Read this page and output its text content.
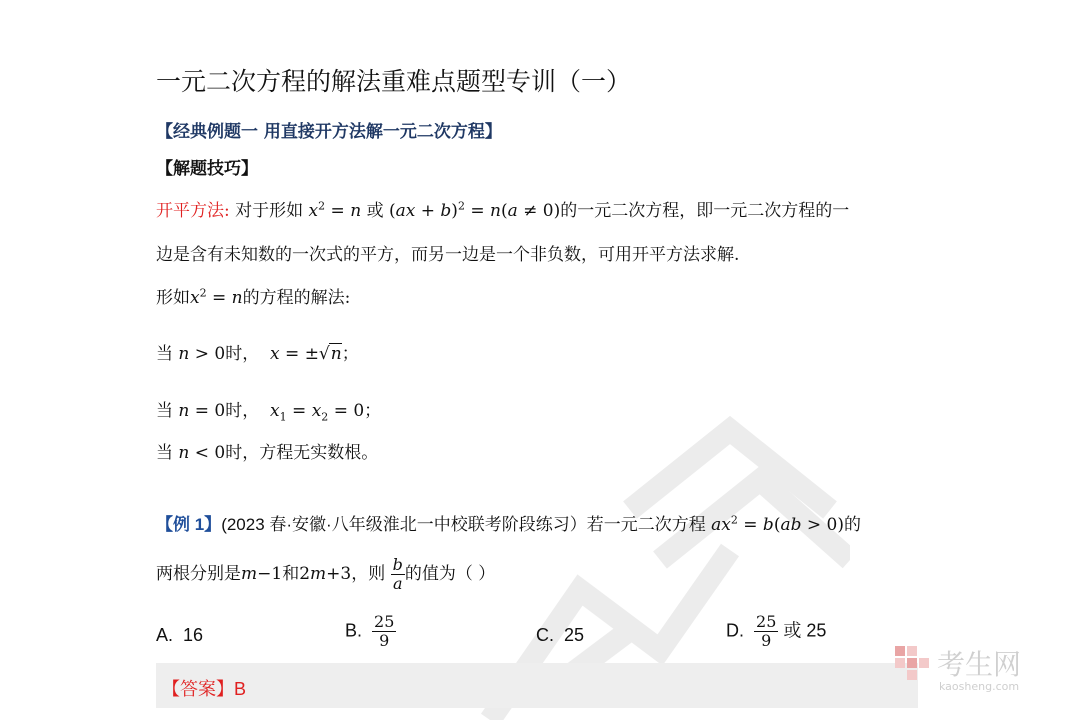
一元二次方程的解法重难点题型专训（一）
【经典例题一 用直接开方法解一元二次方程】
【解题技巧】
开平方法: 对于形如 $x^2 = n$ 或 (ax + b)$^2$ = n(a ≠ 0)的一元二次方程，即一元二次方程的一
边是含有未知数的一次式的平方，而另一边是一个非负数，可用开平方法求解.
形如$x^2 = n$的方程的解法:
当 n > 0时， x = ±√n；
当 n = 0时， $x_1 = x_2 = 0$；
当 n < 0时，方程无实数根。
【例 1】(2023 春·安徽·八年级淮北一中校联考阶段练习）若一元二次方程 $ax^2 = b(ab > 0)$的
两根分别是m−1和2m+3，则 $\frac{b}{a}$ 的值为（ ）
A. 16	B. $\frac{25}{9}$	C. 25	D. $\frac{25}{9}$ 或 25
【答案】B
考生网
kaosheng.com
